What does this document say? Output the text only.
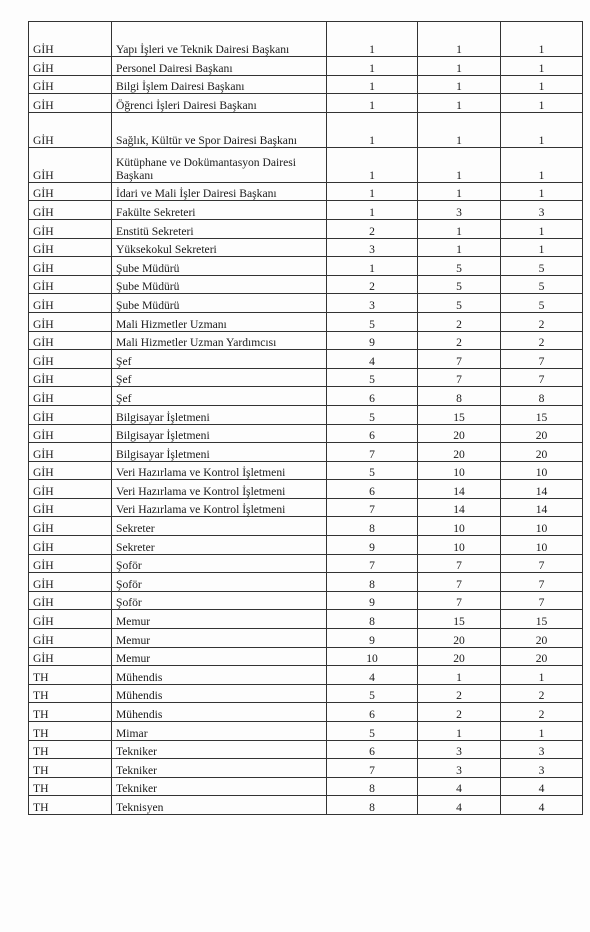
GİH	Yapı İşleri ve Teknik Dairesi Başkanı	1	1	1
GİH	Personel Dairesi Başkanı	1	1	1
GİH	Bilgi İşlem Dairesi Başkanı	1	1	1
GİH	Öğrenci İşleri Dairesi Başkanı	1	1	1
GİH	Sağlık, Kültür ve Spor Dairesi Başkanı	1	1	1
GİH	Kütüphane ve Dokümantasyon Dairesi Başkanı	1	1	1
GİH	İdari ve Mali İşler Dairesi Başkanı	1	1	1
GİH	Fakülte Sekreteri	1	3	3
GİH	Enstitü Sekreteri	2	1	1
GİH	Yüksekokul Sekreteri	3	1	1
GİH	Şube Müdürü	1	5	5
GİH	Şube Müdürü	2	5	5
GİH	Şube Müdürü	3	5	5
GİH	Mali Hizmetler Uzmanı	5	2	2
GİH	Mali Hizmetler Uzman Yardımcısı	9	2	2
GİH	Şef	4	7	7
GİH	Şef	5	7	7
GİH	Şef	6	8	8
GİH	Bilgisayar İşletmeni	5	15	15
GİH	Bilgisayar İşletmeni	6	20	20
GİH	Bilgisayar İşletmeni	7	20	20
GİH	Veri Hazırlama ve Kontrol İşletmeni	5	10	10
GİH	Veri Hazırlama ve Kontrol İşletmeni	6	14	14
GİH	Veri Hazırlama ve Kontrol İşletmeni	7	14	14
GİH	Sekreter	8	10	10
GİH	Sekreter	9	10	10
GİH	Şoför	7	7	7
GİH	Şoför	8	7	7
GİH	Şoför	9	7	7
GİH	Memur	8	15	15
GİH	Memur	9	20	20
GİH	Memur	10	20	20
TH	Mühendis	4	1	1
TH	Mühendis	5	2	2
TH	Mühendis	6	2	2
TH	Mimar	5	1	1
TH	Tekniker	6	3	3
TH	Tekniker	7	3	3
TH	Tekniker	8	4	4
TH	Teknisyen	8	4	4
